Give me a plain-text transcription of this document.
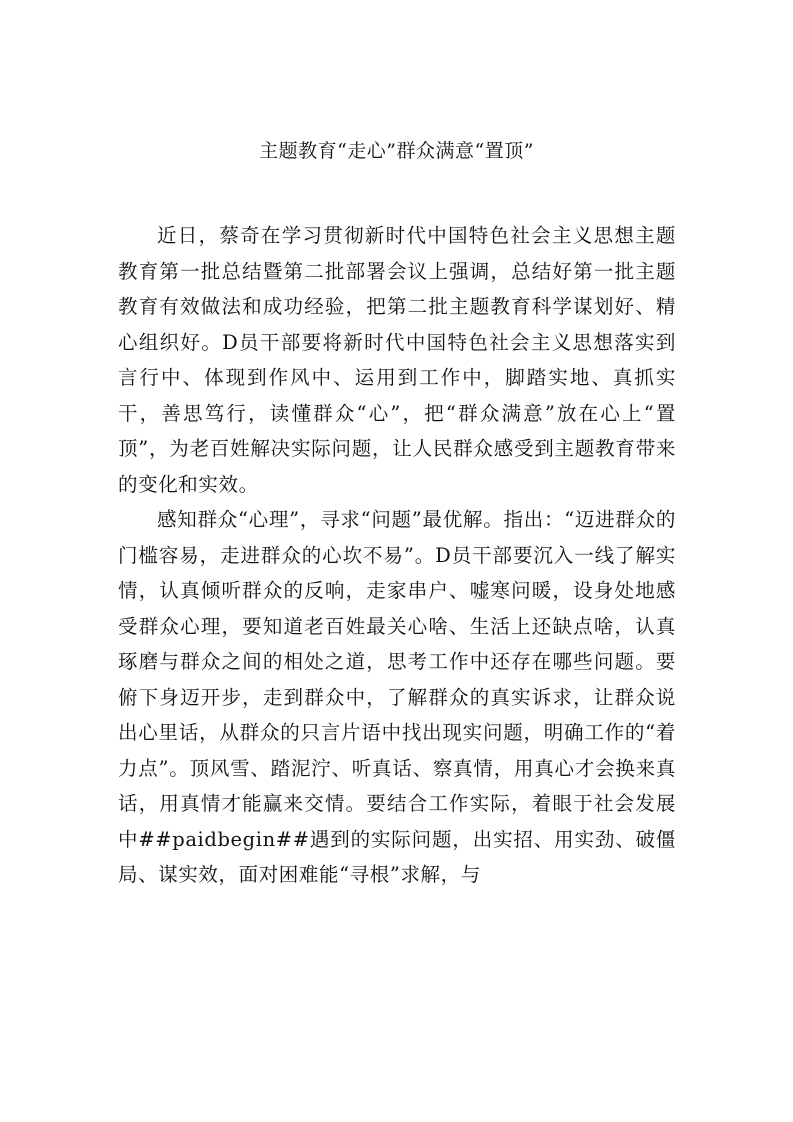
主题教育“走心”群众满意“置顶”

近日，蔡奇在学习贯彻新时代中国特色社会主义思想主题教育第一批总结暨第二批部署会议上强调，总结好第一批主题教育有效做法和成功经验，把第二批主题教育科学谋划好、精心组织好。D员干部要将新时代中国特色社会主义思想落实到言行中、体现到作风中、运用到工作中，脚踏实地、真抓实干，善思笃行，读懂群众“心”，把“群众满意”放在心上“置顶”，为老百姓解决实际问题，让人民群众感受到主题教育带来的变化和实效。

感知群众“心理”，寻求“问题”最优解。指出：“迈进群众的门槛容易，走进群众的心坎不易”。D员干部要沉入一线了解实情，认真倾听群众的反响，走家串户、嘘寒问暖，设身处地感受群众心理，要知道老百姓最关心啥、生活上还缺点啥，认真琢磨与群众之间的相处之道，思考工作中还存在哪些问题。要俯下身迈开步，走到群众中，了解群众的真实诉求，让群众说出心里话，从群众的只言片语中找出现实问题，明确工作的“着力点”。顶风雪、踏泥泞、听真话、察真情，用真心才会换来真话，用真情才能赢来交情。要结合工作实际，着眼于社会发展中##paidbegin##遇到的实际问题，出实招、用实劲、破僵局、谋实效，面对困难能“寻根”求解，与
